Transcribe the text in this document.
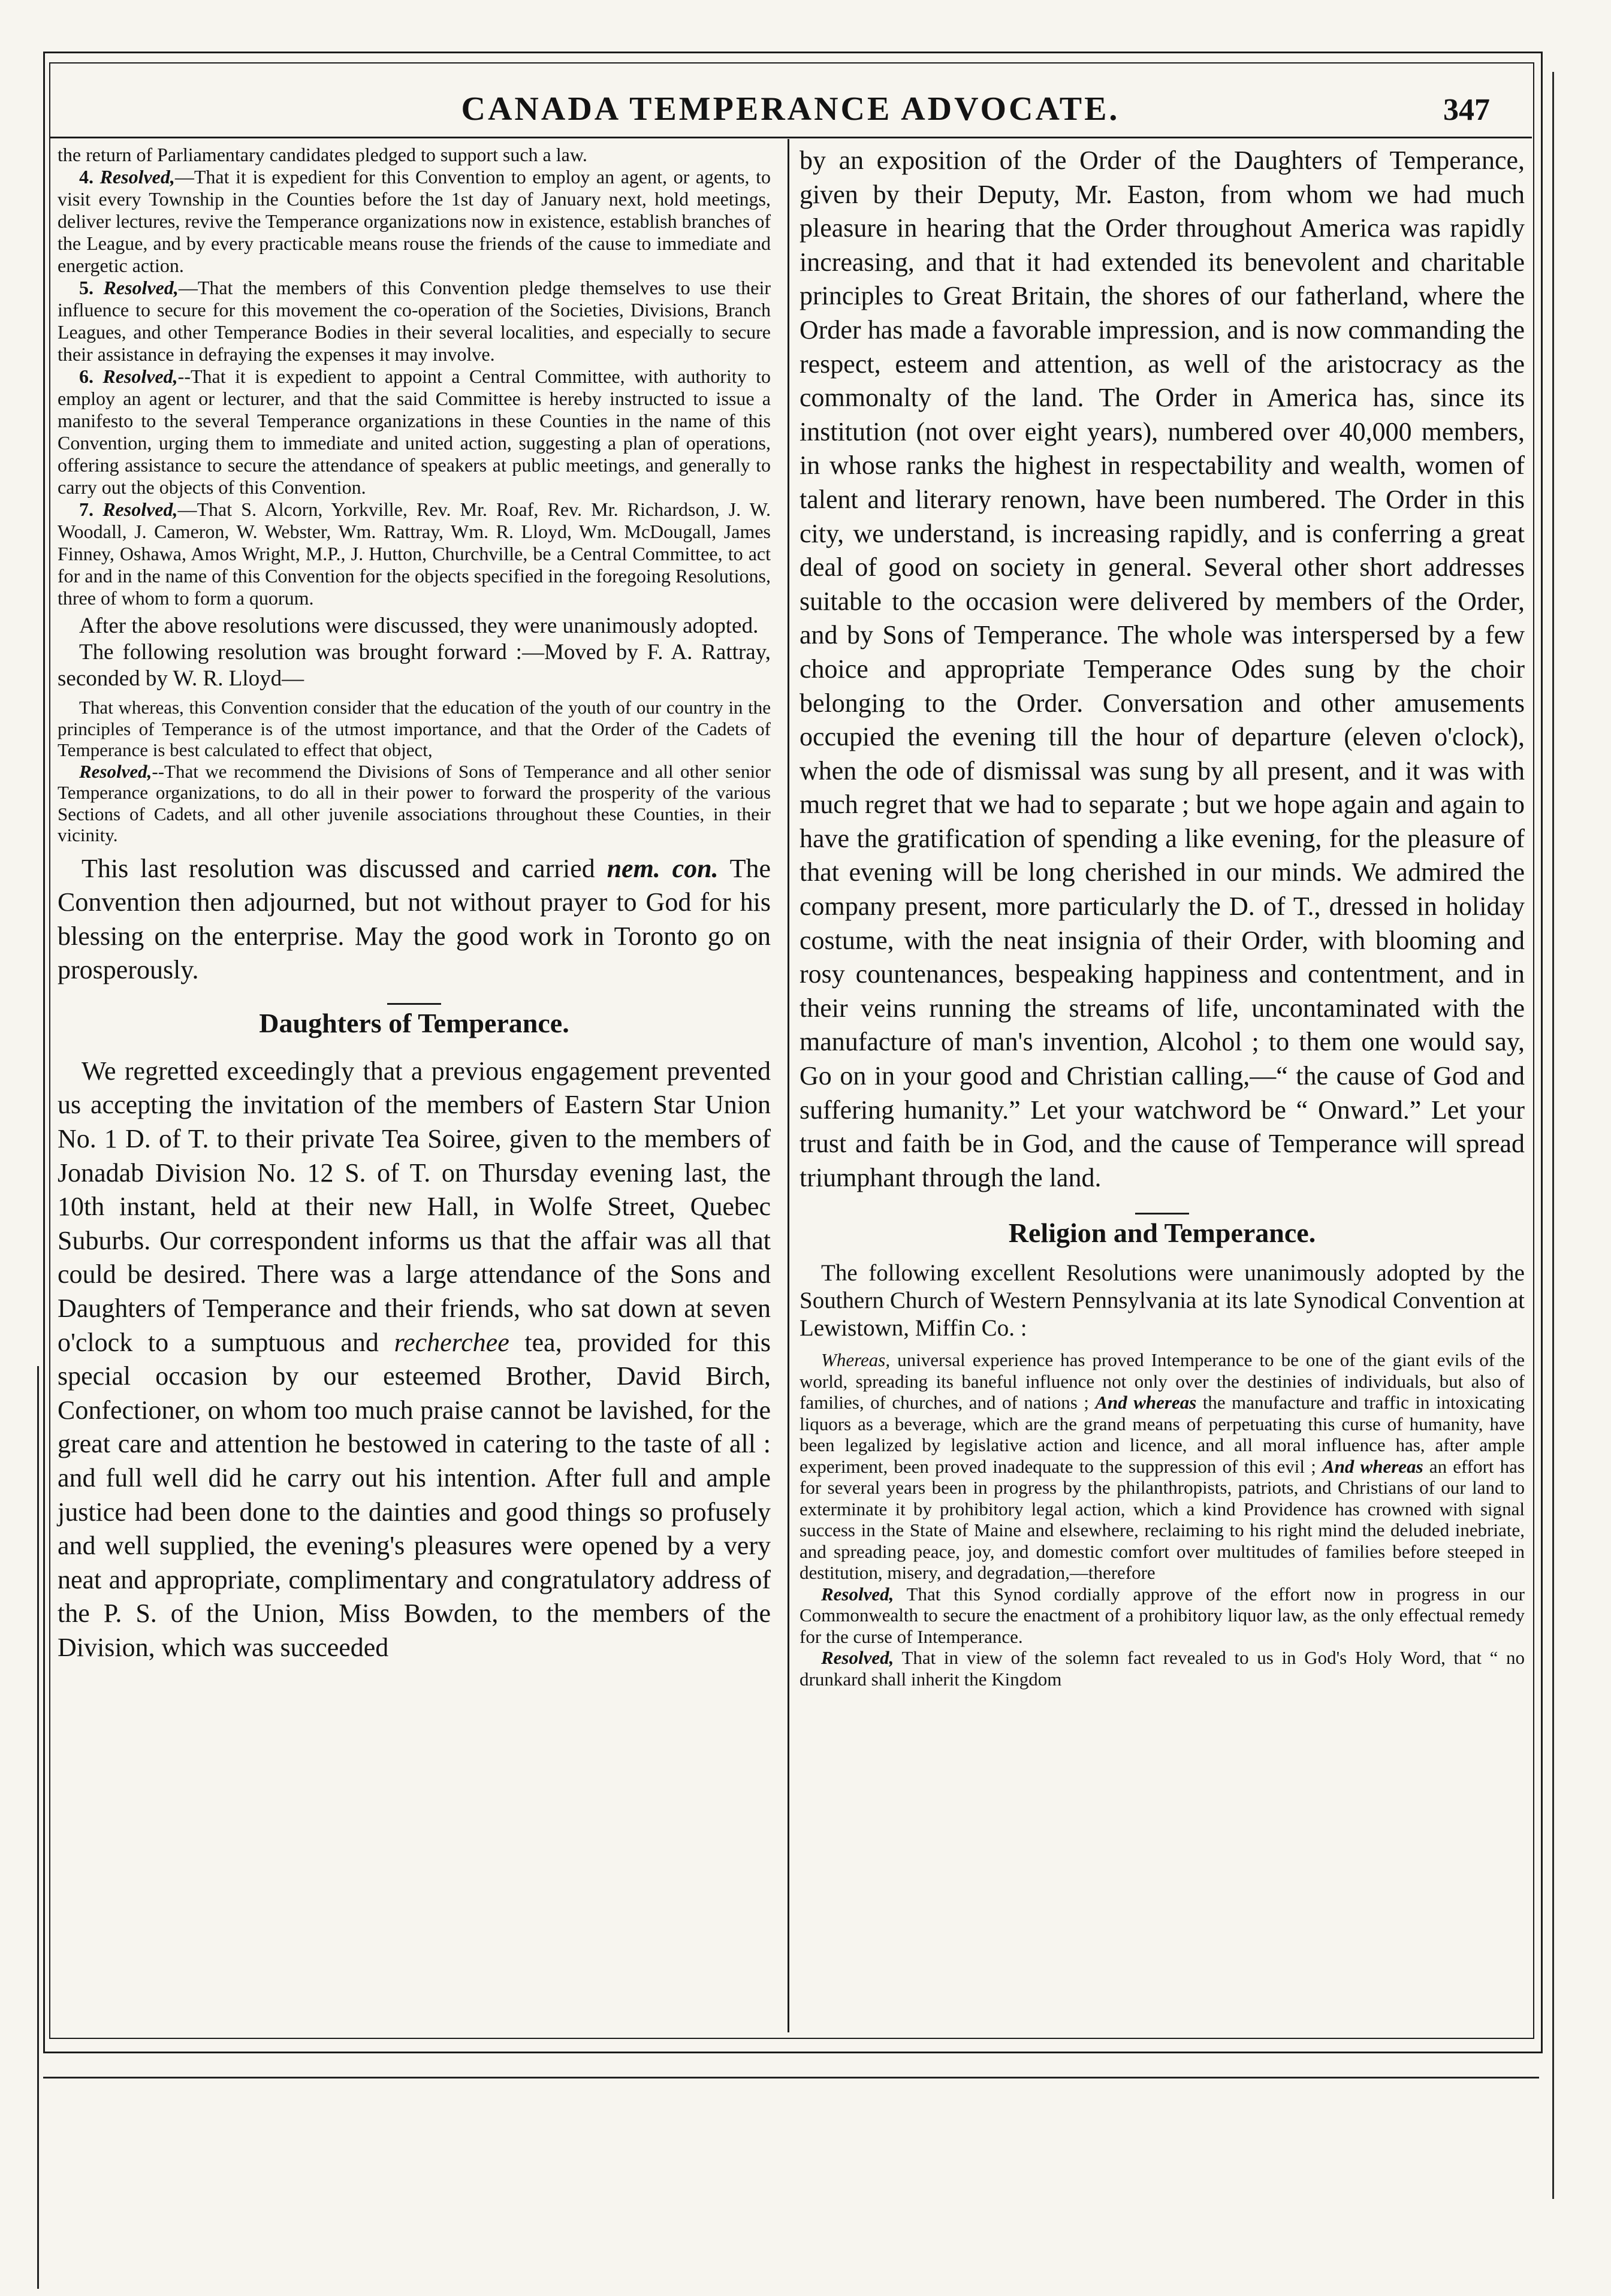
CANADA TEMPERANCE ADVOCATE.	347

the return of Parliamentary candidates pledged to support such a law.

4. Resolved,—That it is expedient for this Convention to employ an agent, or agents, to visit every Township in the Counties before the 1st day of January next, hold meetings, deliver lectures, revive the Temperance organizations now in existence, establish branches of the League, and by every practicable means rouse the friends of the cause to immediate and energetic action.

5. Resolved,—That the members of this Convention pledge themselves to use their influence to secure for this movement the co-operation of the Societies, Divisions, Branch Leagues, and other Temperance Bodies in their several localities, and especially to secure their assistance in defraying the expenses it may involve.

6. Resolved,--That it is expedient to appoint a Central Committee, with authority to employ an agent or lecturer, and that the said Committee is hereby instructed to issue a manifesto to the several Temperance organizations in these Counties in the name of this Convention, urging them to immediate and united action, suggesting a plan of operations, offering assistance to secure the attendance of speakers at public meetings, and generally to carry out the objects of this Convention.

7. Resolved,—That S. Alcorn, Yorkville, Rev. Mr. Roaf, Rev. Mr. Richardson, J. W. Woodall, J. Cameron, W. Webster, Wm. Rattray, Wm. R. Lloyd, Wm. McDougall, James Finney, Oshawa, Amos Wright, M.P., J. Hutton, Churchville, be a Central Committee, to act for and in the name of this Convention for the objects specified in the foregoing Resolutions, three of whom to form a quorum.

After the above resolutions were discussed, they were unanimously adopted.

The following resolution was brought forward :—Moved by F. A. Rattray, seconded by W. R. Lloyd—

That whereas, this Convention consider that the education of the youth of our country in the principles of Temperance is of the utmost importance, and that the Order of the Cadets of Temperance is best calculated to effect that object,

Resolved,--That we recommend the Divisions of Sons of Temperance and all other senior Temperance organizations, to do all in their power to forward the prosperity of the various Sections of Cadets, and all other juvenile associations throughout these Counties, in their vicinity.

This last resolution was discussed and carried nem. con. The Convention then adjourned, but not without prayer to God for his blessing on the enterprise. May the good work in Toronto go on prosperously.

Daughters of Temperance.

We regretted exceedingly that a previous engagement prevented us accepting the invitation of the members of Eastern Star Union No. 1 D. of T. to their private Tea Soiree, given to the members of Jonadab Division No. 12 S. of T. on Thursday evening last, the 10th instant, held at their new Hall, in Wolfe Street, Quebec Suburbs. Our correspondent informs us that the affair was all that could be desired. There was a large attendance of the Sons and Daughters of Temperance and their friends, who sat down at seven o'clock to a sumptuous and recherchee tea, provided for this special occasion by our esteemed Brother, David Birch, Confectioner, on whom too much praise cannot be lavished, for the great care and attention he bestowed in catering to the taste of all : and full well did he carry out his intention. After full and ample justice had been done to the dainties and good things so profusely and well supplied, the evening's pleasures were opened by a very neat and appropriate, complimentary and congratulatory address of the P. S. of the Union, Miss Bowden, to the members of the Division, which was succeeded

by an exposition of the Order of the Daughters of Temperance, given by their Deputy, Mr. Easton, from whom we had much pleasure in hearing that the Order throughout America was rapidly increasing, and that it had extended its benevolent and charitable principles to Great Britain, the shores of our fatherland, where the Order has made a favorable impression, and is now commanding the respect, esteem and attention, as well of the aristocracy as the commonalty of the land. The Order in America has, since its institution (not over eight years), numbered over 40,000 members, in whose ranks the highest in respectability and wealth, women of talent and literary renown, have been numbered. The Order in this city, we understand, is increasing rapidly, and is conferring a great deal of good on society in general. Several other short addresses suitable to the occasion were delivered by members of the Order, and by Sons of Temperance. The whole was interspersed by a few choice and appropriate Temperance Odes sung by the choir belonging to the Order. Conversation and other amusements occupied the evening till the hour of departure (eleven o'clock), when the ode of dismissal was sung by all present, and it was with much regret that we had to separate ; but we hope again and again to have the gratification of spending a like evening, for the pleasure of that evening will be long cherished in our minds. We admired the company present, more particularly the D. of T., dressed in holiday costume, with the neat insignia of their Order, with blooming and rosy countenances, bespeaking happiness and contentment, and in their veins running the streams of life, uncontaminated with the manufacture of man's invention, Alcohol ; to them one would say, Go on in your good and Christian calling,—“ the cause of God and suffering humanity.” Let your watchword be “ Onward.” Let your trust and faith be in God, and the cause of Temperance will spread triumphant through the land.

Religion and Temperance.

The following excellent Resolutions were unanimously adopted by the Southern Church of Western Pennsylvania at its late Synodical Convention at Lewistown, Miffin Co. :

Whereas, universal experience has proved Intemperance to be one of the giant evils of the world, spreading its baneful influence not only over the destinies of individuals, but also of families, of churches, and of nations ; And whereas the manufacture and traffic in intoxicating liquors as a beverage, which are the grand means of perpetuating this curse of humanity, have been legalized by legislative action and licence, and all moral influence has, after ample experiment, been proved inadequate to the suppression of this evil ; And whereas an effort has for several years been in progress by the philanthropists, patriots, and Christians of our land to exterminate it by prohibitory legal action, which a kind Providence has crowned with signal success in the State of Maine and elsewhere, reclaiming to his right mind the deluded inebriate, and spreading peace, joy, and domestic comfort over multitudes of families before steeped in destitution, misery, and degradation,—therefore

Resolved, That this Synod cordially approve of the effort now in progress in our Commonwealth to secure the enactment of a prohibitory liquor law, as the only effectual remedy for the curse of Intemperance.

Resolved, That in view of the solemn fact revealed to us in God's Holy Word, that “ no drunkard shall inherit the Kingdom
